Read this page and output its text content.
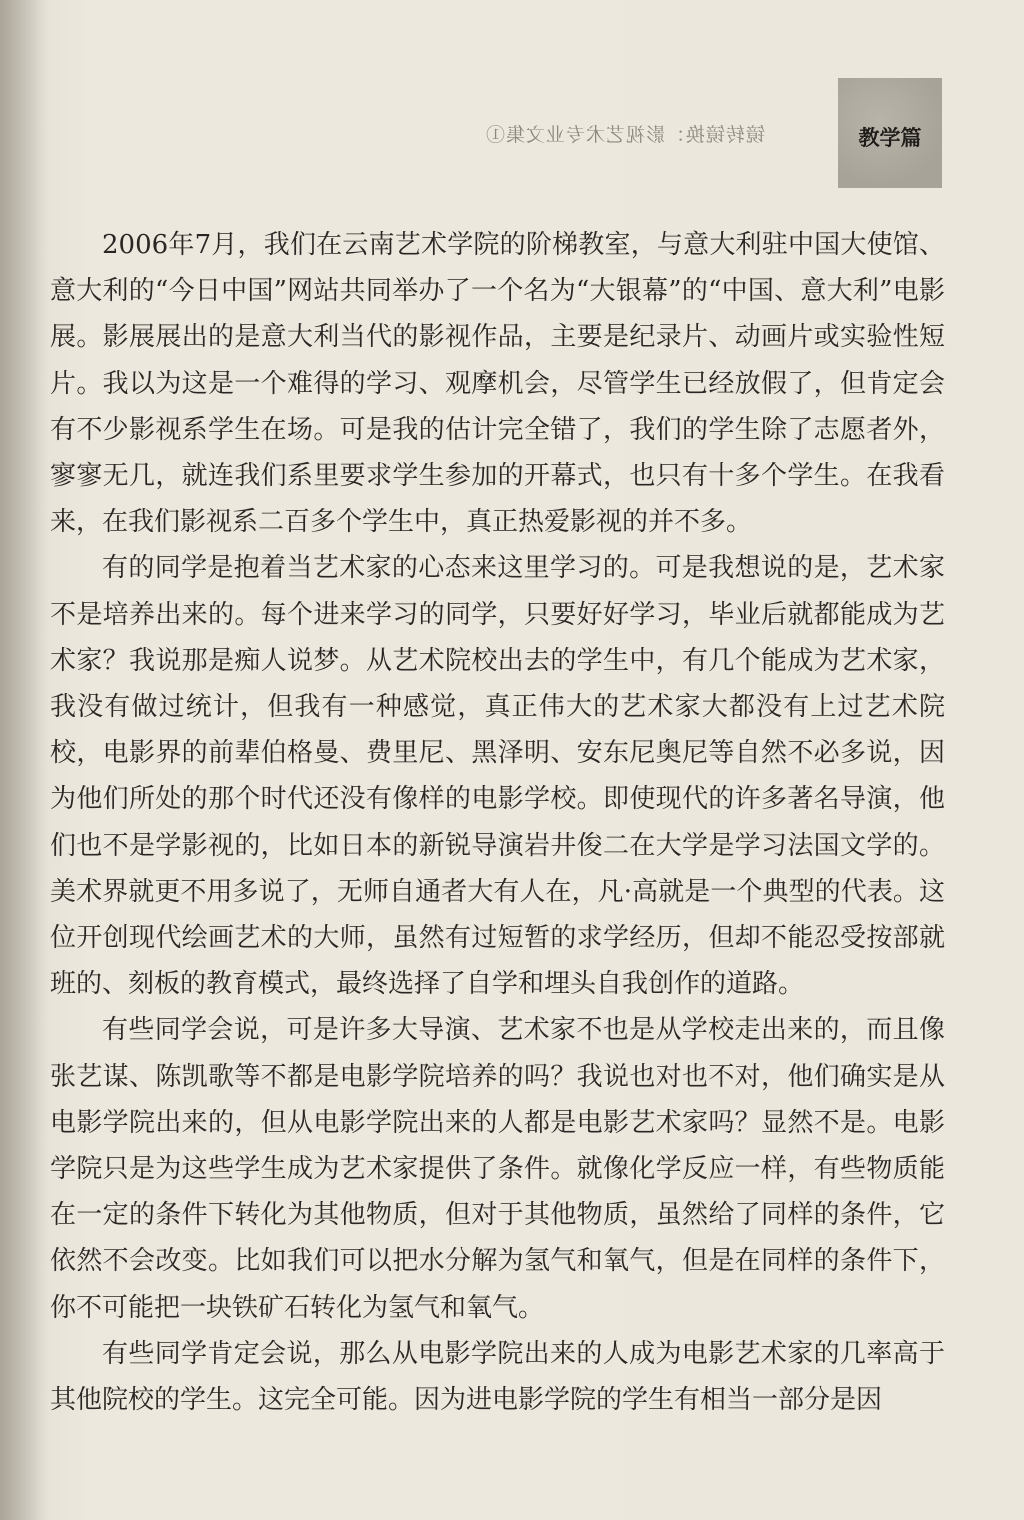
镜转镜换：影视艺术专业文集①	教学篇

2006年7月，我们在云南艺术学院的阶梯教室，与意大利驻中国大使馆、意大利的“今日中国”网站共同举办了一个名为“大银幕”的“中国、意大利”电影展。影展展出的是意大利当代的影视作品，主要是纪录片、动画片或实验性短片。我以为这是一个难得的学习、观摩机会，尽管学生已经放假了，但肯定会有不少影视系学生在场。可是我的估计完全错了，我们的学生除了志愿者外，寥寥无几，就连我们系里要求学生参加的开幕式，也只有十多个学生。在我看来，在我们影视系二百多个学生中，真正热爱影视的并不多。

有的同学是抱着当艺术家的心态来这里学习的。可是我想说的是，艺术家不是培养出来的。每个进来学习的同学，只要好好学习，毕业后就都能成为艺术家？我说那是痴人说梦。从艺术院校出去的学生中，有几个能成为艺术家，我没有做过统计，但我有一种感觉，真正伟大的艺术家大都没有上过艺术院校，电影界的前辈伯格曼、费里尼、黑泽明、安东尼奥尼等自然不必多说，因为他们所处的那个时代还没有像样的电影学校。即使现代的许多著名导演，他们也不是学影视的，比如日本的新锐导演岩井俊二在大学是学习法国文学的。美术界就更不用多说了，无师自通者大有人在，凡·高就是一个典型的代表。这位开创现代绘画艺术的大师，虽然有过短暂的求学经历，但却不能忍受按部就班的、刻板的教育模式，最终选择了自学和埋头自我创作的道路。

有些同学会说，可是许多大导演、艺术家不也是从学校走出来的，而且像张艺谋、陈凯歌等不都是电影学院培养的吗？我说也对也不对，他们确实是从电影学院出来的，但从电影学院出来的人都是电影艺术家吗？显然不是。电影学院只是为这些学生成为艺术家提供了条件。就像化学反应一样，有些物质能在一定的条件下转化为其他物质，但对于其他物质，虽然给了同样的条件，它依然不会改变。比如我们可以把水分解为氢气和氧气，但是在同样的条件下，你不可能把一块铁矿石转化为氢气和氧气。

有些同学肯定会说，那么从电影学院出来的人成为电影艺术家的几率高于其他院校的学生。这完全可能。因为进电影学院的学生有相当一部分是因
